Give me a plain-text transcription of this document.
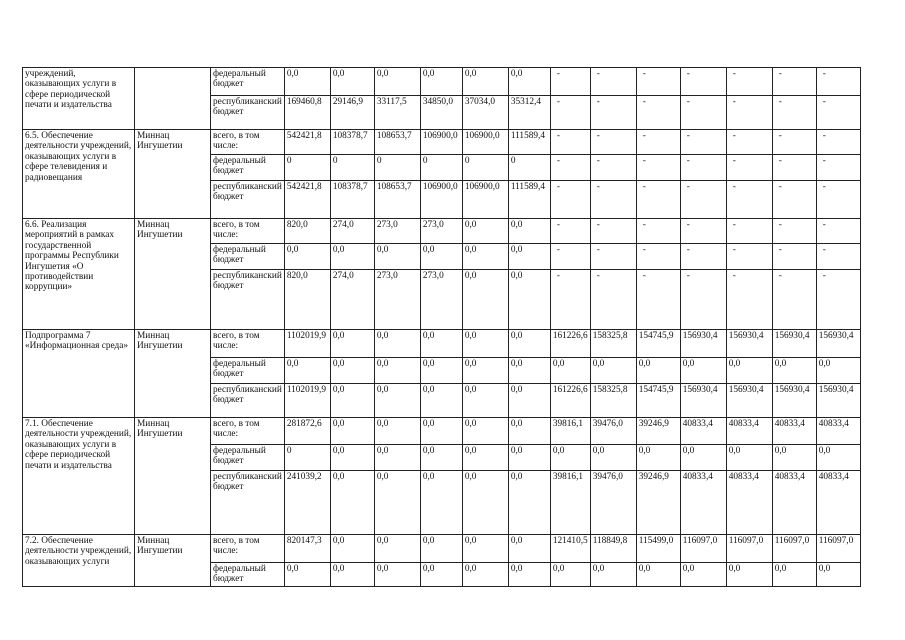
учреждений, оказывающих услуги в сфере периодической печати и издательства		федеральный бюджет	0,0	0,0	0,0	0,0	0,0	0,0	-	-	-	-	-	-	-
		республиканский бюджет	169460,8	29146,9	33117,5	34850,0	37034,0	35312,4	-	-	-	-	-	-	-
6.5. Обеспечение деятельности учреждений, оказывающих услуги в сфере телевидения и радиовещания	Миннац Ингушетии	всего, в том числе:	542421,8	108378,7	108653,7	106900,0	106900,0	111589,4	-	-	-	-	-	-	-
		федеральный бюджет	0	0	0	0	0	0	-	-	-	-	-	-	-
		республиканский бюджет	542421,8	108378,7	108653,7	106900,0	106900,0	111589,4	-	-	-	-	-	-	-
6.6. Реализация мероприятий в рамках государственной программы Республики Ингушетия «О противодействии коррупции»	Миннац Ингушетии	всего, в том числе:	820,0	274,0	273,0	273,0	0,0	0,0	-	-	-	-	-	-	-
		федеральный бюджет	0,0	0,0	0,0	0,0	0,0	0,0	-	-	-	-	-	-	-
		республиканский бюджет	820,0	274,0	273,0	273,0	0,0	0,0	-	-	-	-	-	-	-
Подпрограмма 7 «Информационная среда»	Миннац Ингушетии	всего, в том числе:	1102019,9	0,0	0,0	0,0	0,0	0,0	161226,6	158325,8	154745,9	156930,4	156930,4	156930,4	156930,4
		федеральный бюджет	0,0	0,0	0,0	0,0	0,0	0,0	0,0	0,0	0,0	0,0	0,0	0,0	0,0
		республиканский бюджет	1102019,9	0,0	0,0	0,0	0,0	0,0	161226,6	158325,8	154745,9	156930,4	156930,4	156930,4	156930,4
7.1. Обеспечение деятельности учреждений, оказывающих услуги в сфере периодической печати и издательства	Миннац Ингушетии	всего, в том числе:	281872,6	0,0	0,0	0,0	0,0	0,0	39816,1	39476,0	39246,9	40833,4	40833,4	40833,4	40833,4
		федеральный бюджет	0	0,0	0,0	0,0	0,0	0,0	0,0	0,0	0,0	0,0	0,0	0,0	0,0
		республиканский бюджет	241039,2	0,0	0,0	0,0	0,0	0,0	39816,1	39476,0	39246,9	40833,4	40833,4	40833,4	40833,4
7.2. Обеспечение деятельности учреждений, оказывающих услуги	Миннац Ингушетии	всего, в том числе:	820147,3	0,0	0,0	0,0	0,0	0,0	121410,5	118849,8	115499,0	116097,0	116097,0	116097,0	116097,0
		федеральный бюджет	0,0	0,0	0,0	0,0	0,0	0,0	0,0	0,0	0,0	0,0	0,0	0,0	0,0
